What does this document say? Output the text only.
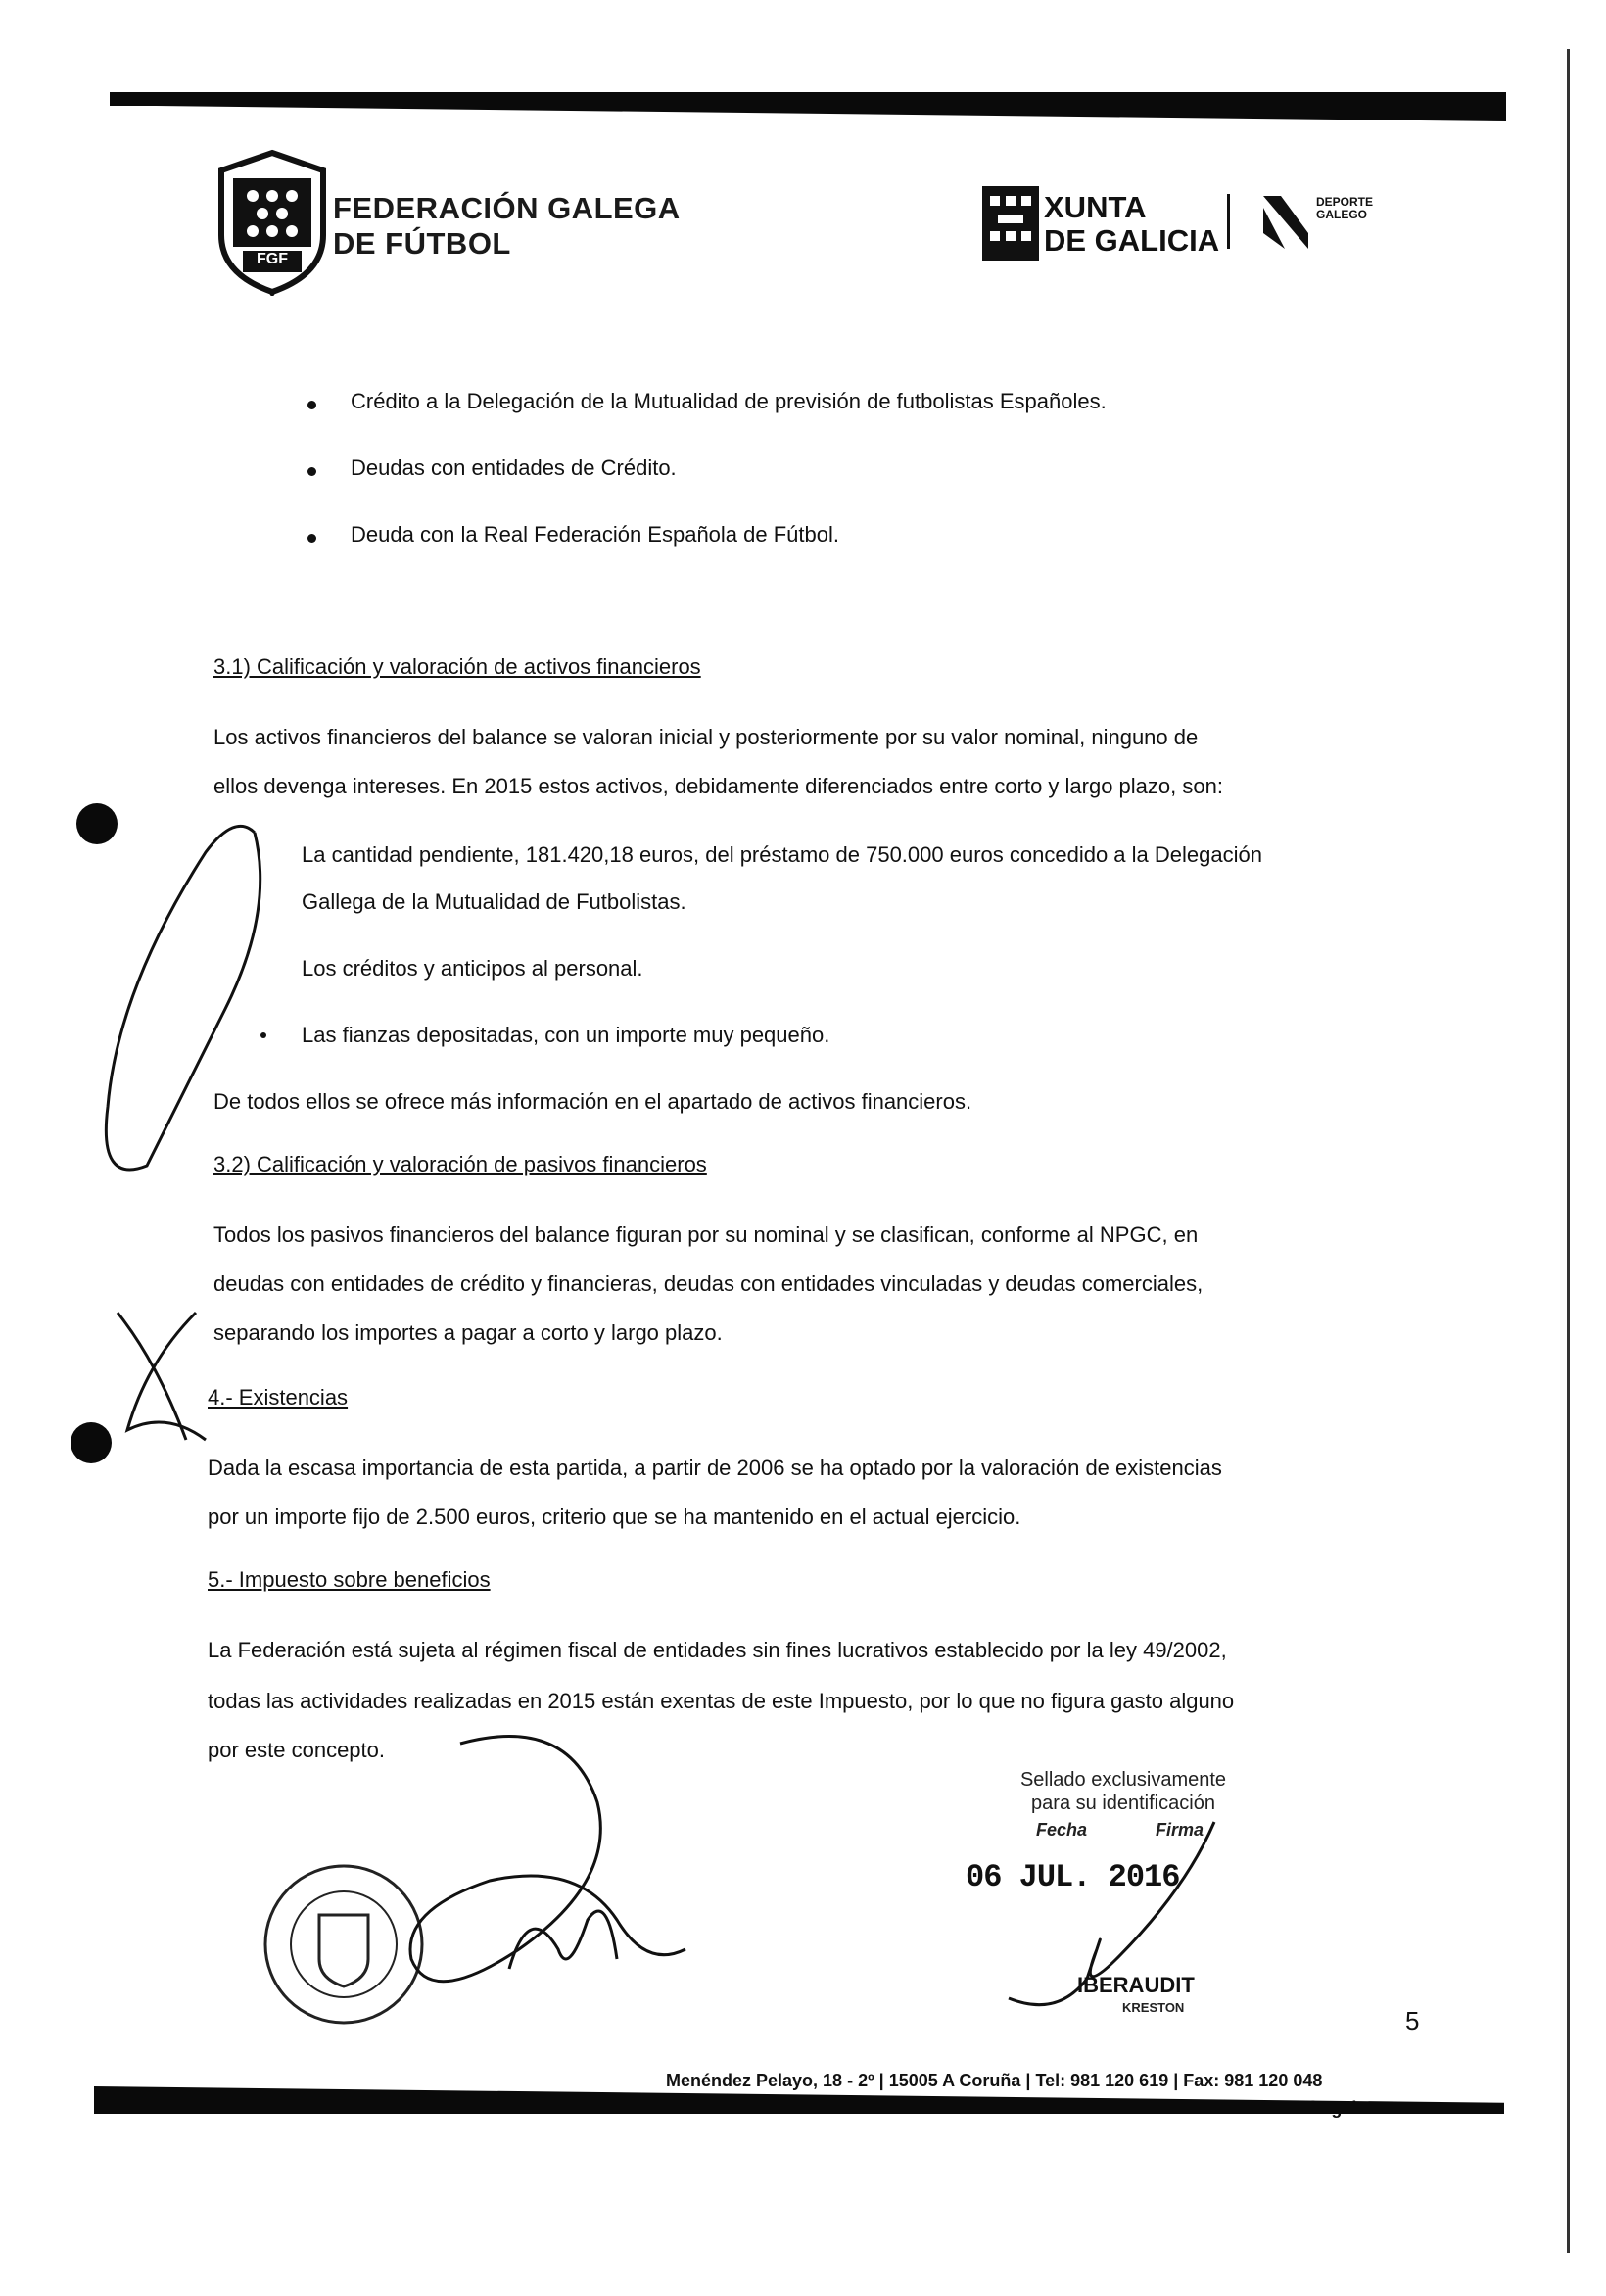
FGF
FEDERACIÓN GALEGA
DE FÚTBOL
XUNTA
DE GALICIA
DEPORTE
GALEGO
Crédito a la Delegación de la Mutualidad de previsión de futbolistas Españoles.
Deudas con entidades de Crédito.
Deuda con la Real Federación Española de Fútbol.
3.1) Calificación y valoración de activos financieros
Los activos financieros del balance se valoran inicial y posteriormente por su valor nominal, ninguno de
ellos devenga intereses. En 2015 estos activos, debidamente diferenciados entre corto y largo plazo, son:
La cantidad pendiente, 181.420,18 euros, del préstamo de 750.000 euros concedido a la Delegación
Gallega de la Mutualidad de Futbolistas.
Los créditos y anticipos al personal.
Las fianzas depositadas, con un importe muy pequeño.
De todos ellos se ofrece más información en el apartado de activos financieros.
3.2) Calificación y valoración de pasivos financieros
Todos los pasivos financieros del balance figuran por su nominal y se clasifican, conforme al NPGC, en
deudas con entidades de crédito y financieras, deudas con entidades vinculadas y deudas comerciales,
separando los importes a pagar a corto y largo plazo.
4.- Existencias
Dada la escasa importancia de esta partida, a partir de 2006 se ha optado por la valoración de existencias
por un importe fijo de 2.500 euros, criterio que se ha mantenido en el actual ejercicio.
5.- Impuesto sobre beneficios
La Federación está sujeta al régimen fiscal de entidades sin fines lucrativos establecido por la ley 49/2002,
todas las actividades realizadas en 2015 están exentas de este Impuesto, por lo que no figura gasto alguno
por este concepto.
Sellado exclusivamente
para su identificación
Fecha	Firma
06 JUL. 2016
IBERAUDIT
KRESTON	5
Menéndez Pelayo, 18 - 2º | 15005 A Coruña | Tel: 981 120 619 | Fax: 981 120 048
